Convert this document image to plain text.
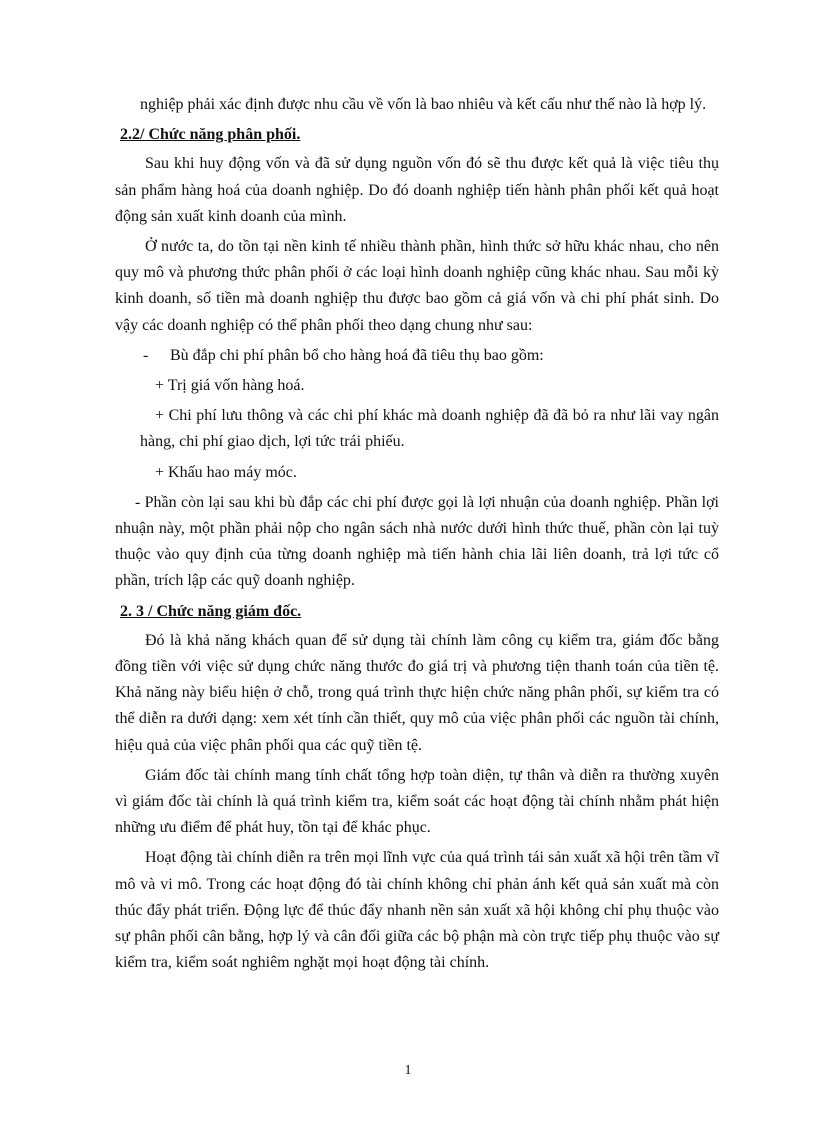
nghiệp phải xác định được nhu cầu về vốn là bao nhiêu và kết cấu như thế nào là hợp lý.

2.2/ Chức năng phân phối.

Sau khi huy động vốn và đã sử dụng nguồn vốn đó sẽ thu được kết quả là việc tiêu thụ sản phẩm hàng hoá của doanh nghiệp. Do đó doanh nghiệp tiến hành phân phối kết quả hoạt động sản xuất kinh doanh của mình.

Ở nước ta, do tồn tại nền kinh tế nhiều thành phần, hình thức sở hữu khác nhau, cho nên quy mô và phương thức phân phối ở các loại hình doanh nghiệp cũng khác nhau. Sau mỗi kỳ kinh doanh, số tiền mà doanh nghiệp thu được bao gồm cả giá vốn và chi phí phát sinh. Do vậy các doanh nghiệp có thể phân phối theo dạng chung như sau:

- Bù đắp chi phí phân bổ cho hàng hoá đã tiêu thụ bao gồm:

+ Trị giá vốn hàng hoá.

+ Chi phí lưu thông và các chi phí khác mà doanh nghiệp đã đã bỏ ra như lãi vay ngân hàng, chi phí giao dịch, lợi tức trái phiếu.

+ Khấu hao máy móc.

- Phần còn lại sau khi bù đắp các chi phí được gọi là lợi nhuận của doanh nghiệp. Phần lợi nhuận này, một phần phải nộp cho ngân sách nhà nước dưới hình thức thuế, phần còn lại tuỳ thuộc vào quy định của từng doanh nghiệp mà tiến hành chia lãi liên doanh, trả lợi tức cổ phần, trích lập các quỹ doanh nghiệp.

2. 3 / Chức năng giám đốc.

Đó là khả năng khách quan để sử dụng tài chính làm công cụ kiểm tra, giám đốc bằng đồng tiền với việc sử dụng chức năng thước đo giá trị và phương tiện thanh toán của tiền tệ. Khả năng này biểu hiện ở chỗ, trong quá trình thực hiện chức năng phân phối, sự kiểm tra có thể diễn ra dưới dạng: xem xét tính cần thiết, quy mô của việc phân phối các nguồn tài chính, hiệu quả của việc phân phối qua các quỹ tiền tệ.

Giám đốc tài chính mang tính chất tổng hợp toàn diện, tự thân và diễn ra thường xuyên vì giám đốc tài chính là quá trình kiểm tra, kiểm soát các hoạt động tài chính nhằm phát hiện những ưu điểm để phát huy, tồn tại để khác phục.

Hoạt động tài chính diễn ra trên mọi lĩnh vực của quá trình tái sản xuất xã hội trên tầm vĩ mô và vi mô. Trong các hoạt động đó tài chính không chỉ phản ánh kết quả sản xuất mà còn thúc đẩy phát triển. Động lực để thúc đẩy nhanh nền sản xuất xã hội không chỉ phụ thuộc vào sự phân phối cân bằng, hợp lý và cân đối giữa các bộ phận mà còn trực tiếp phụ thuộc vào sự kiểm tra, kiểm soát nghiêm nghặt mọi hoạt động tài chính.

1
